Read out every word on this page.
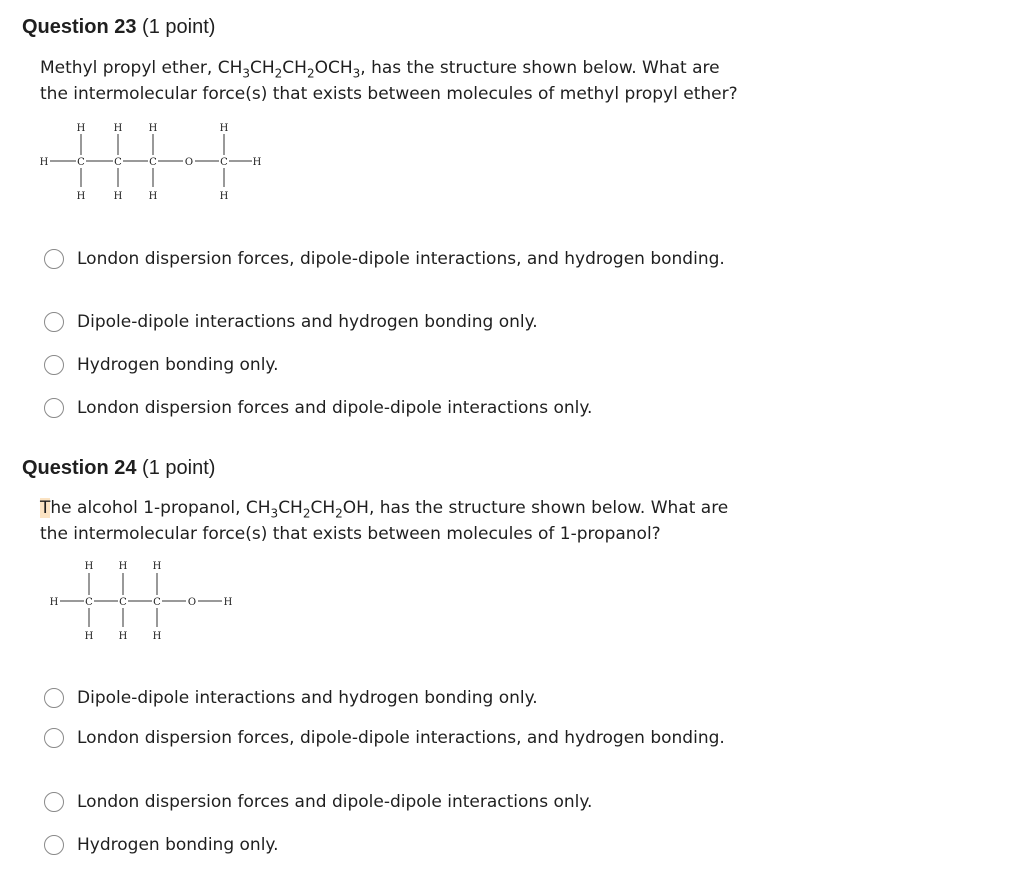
Question 23 (1 point)
Methyl propyl ether, $CH_3CH_2CH_2OCH_3$, has the structure shown below. What are
the intermolecular force(s) that exists between molecules of methyl propyl ether?
H	H	H	H
H	C	C	C	O	C H
H	H	H	H
London dispersion forces, dipole-dipole interactions, and hydrogen bonding.
Dipole-dipole interactions and hydrogen bonding only.
Hydrogen bonding only.
London dispersion forces and dipole-dipole interactions only.
Question 24 (1 point)
The alcohol 1-propanol, $CH_3CH_2CH_2OH$, has the structure shown below. What are
the intermolecular force(s) that exists between molecules of 1-propanol?
H	H	H
H	C	C	C	O	H
H	H	H
Dipole-dipole interactions and hydrogen bonding only.
London dispersion forces, dipole-dipole interactions, and hydrogen bonding.
London dispersion forces and dipole-dipole interactions only.
Hydrogen bonding only.
